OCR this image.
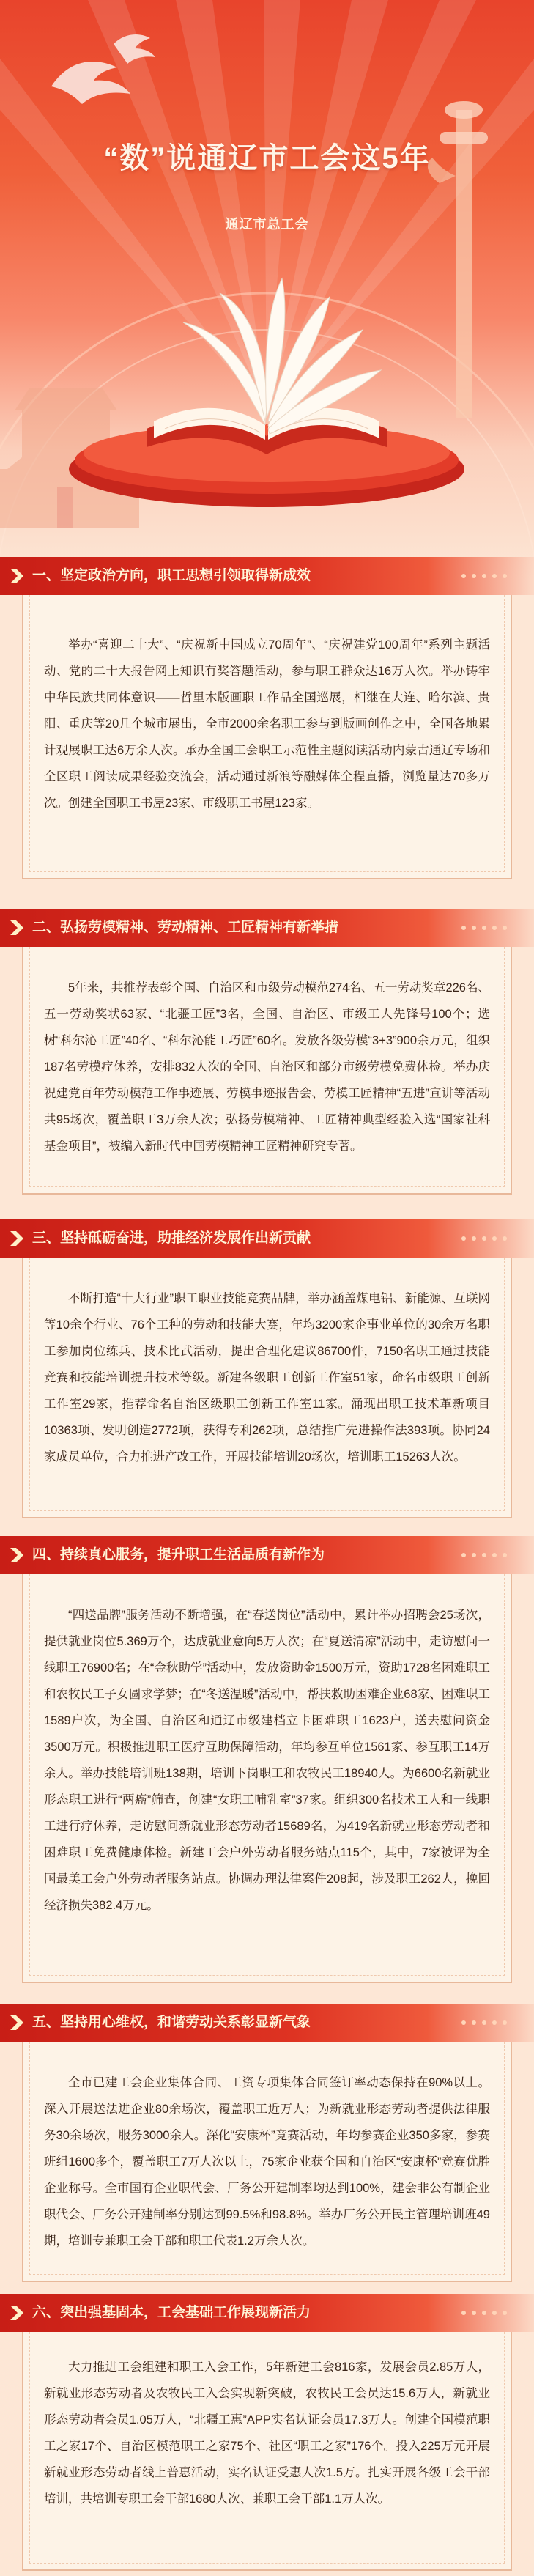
“数”说通辽市工会这5年
通辽市总工会
一、坚定政治方向，职工思想引领取得新成效

举办“喜迎二十大”、“庆祝新中国成立70周年”、“庆祝建党100周年”系列主题活动、党的二十大报告网上知识有奖答题活动，参与职工群众达16万人次。举办铸牢中华民族共同体意识——哲里木版画职工作品全国巡展，相继在大连、哈尔滨、贵阳、重庆等20几个城市展出，全市2000余名职工参与到版画创作之中，全国各地累计观展职工达6万余人次。承办全国工会职工示范性主题阅读活动内蒙古通辽专场和全区职工阅读成果经验交流会，活动通过新浪等融媒体全程直播，浏览量达70多万次。创建全国职工书屋23家、市级职工书屋123家。

二、弘扬劳模精神、劳动精神、工匠精神有新举措

5年来，共推荐表彰全国、自治区和市级劳动模范274名、五一劳动奖章226名、五一劳动奖状63家、“北疆工匠”3名，全国、自治区、市级工人先锋号100个；选树“科尔沁工匠”40名、“科尔沁能工巧匠”60名。发放各级劳模“3+3”900余万元，组织187名劳模疗休养，安排832人次的全国、自治区和部分市级劳模免费体检。举办庆祝建党百年劳动模范工作事迹展、劳模事迹报告会、劳模工匠精神“五进”宣讲等活动共95场次，覆盖职工3万余人次；弘扬劳模精神、工匠精神典型经验入选“国家社科基金项目”，被编入新时代中国劳模精神工匠精神研究专著。

三、坚持砥砺奋进，助推经济发展作出新贡献

不断打造“十大行业”职工职业技能竞赛品牌，举办涵盖煤电铝、新能源、互联网等10余个行业、76个工种的劳动和技能大赛，年均3200家企事业单位的30余万名职工参加岗位练兵、技术比武活动，提出合理化建议86700件，7150名职工通过技能竞赛和技能培训提升技术等级。新建各级职工创新工作室51家，命名市级职工创新工作室29家，推荐命名自治区级职工创新工作室11家。涌现出职工技术革新项目10363项、发明创造2772项，获得专利262项，总结推广先进操作法393项。协同24家成员单位，合力推进产改工作，开展技能培训20场次，培训职工15263人次。

四、持续真心服务，提升职工生活品质有新作为

“四送品牌”服务活动不断增强，在“春送岗位”活动中，累计举办招聘会25场次，提供就业岗位5.369万个，达成就业意向5万人次；在“夏送清凉”活动中，走访慰问一线职工76900名；在“金秋助学”活动中，发放资助金1500万元，资助1728名困难职工和农牧民工子女圆求学梦；在“冬送温暖”活动中，帮扶救助困难企业68家、困难职工1589户次，为全国、自治区和通辽市级建档立卡困难职工1623户，送去慰问资金3500万元。积极推进职工医疗互助保障活动，年均参互单位1561家、参互职工14万余人。举办技能培训班138期，培训下岗职工和农牧民工18940人。为6600名新就业形态职工进行“两癌”筛查，创建“女职工哺乳室”37家。组织300名技术工人和一线职工进行疗休养，走访慰问新就业形态劳动者15689名，为419名新就业形态劳动者和困难职工免费健康体检。新建工会户外劳动者服务站点115个，其中，7家被评为全国最美工会户外劳动者服务站点。协调办理法律案件208起，涉及职工262人，挽回经济损失382.4万元。

五、坚持用心维权，和谐劳动关系彰显新气象

全市已建工会企业集体合同、工资专项集体合同签订率动态保持在90%以上。深入开展送法进企业80余场次，覆盖职工近万人；为新就业形态劳动者提供法律服务30余场次，服务3000余人。深化“安康杯”竞赛活动，年均参赛企业350多家，参赛班组1600多个，覆盖职工7万人次以上，75家企业获全国和自治区“安康杯”竞赛优胜企业称号。全市国有企业职代会、厂务公开建制率均达到100%，建会非公有制企业职代会、厂务公开建制率分别达到99.5%和98.8%。举办厂务公开民主管理培训班49期，培训专兼职工会干部和职工代表1.2万余人次。

六、突出强基固本，工会基础工作展现新活力

大力推进工会组建和职工入会工作，5年新建工会816家，发展会员2.85万人，新就业形态劳动者及农牧民工入会实现新突破，农牧民工会员达15.6万人，新就业形态劳动者会员1.05万人，“北疆工惠”APP实名认证会员17.3万人。创建全国模范职工之家17个、自治区模范职工之家75个、社区“职工之家”176个。投入225万元开展新就业形态劳动者线上普惠活动，实名认证受惠人次1.5万。扎实开展各级工会干部培训，共培训专职工会干部1680人次、兼职工会干部1.1万人次。
